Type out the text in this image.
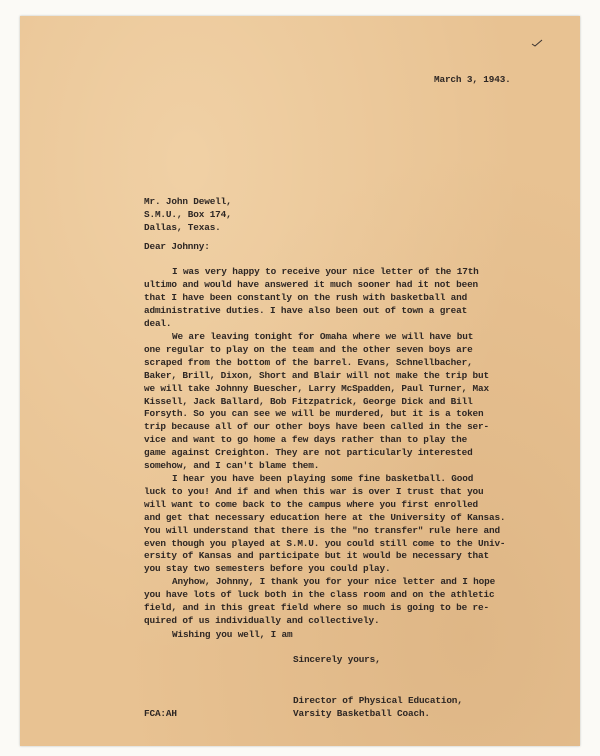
March 3, 1943.
Mr. John Dewell,
S.M.U., Box 174,
Dallas, Texas.
Dear Johnny:
I was very happy to receive your nice letter of the 17th
ultimo and would have answered it much sooner had it not been
that I have been constantly on the rush with basketball and
administrative duties. I have also been out of town a great
deal.
We are leaving tonight for Omaha where we will have but
one regular to play on the team and the other seven boys are
scraped from the bottom of the barrel. Evans, Schnellbacher,
Baker, Brill, Dixon, Short and Blair will not make the trip but
we will take Johnny Buescher, Larry McSpadden, Paul Turner, Max
Kissell, Jack Ballard, Bob Fitzpatrick, George Dick and Bill
Forsyth. So you can see we will be murdered, but it is a token
trip because all of our other boys have been called in the ser-
vice and want to go home a few days rather than to play the
game against Creighton. They are not particularly interested
somehow, and I can't blame them.
I hear you have been playing some fine basketball. Good
luck to you! And if and when this war is over I trust that you
will want to come back to the campus where you first enrolled
and get that necessary education here at the University of Kansas.
You will understand that there is the "no transfer" rule here and
even though you played at S.M.U. you could still come to the Univ-
ersity of Kansas and participate but it would be necessary that
you stay two semesters before you could play.
Anyhow, Johnny, I thank you for your nice letter and I hope
you have lots of luck both in the class room and on the athletic
field, and in this great field where so much is going to be re-
quired of us individually and collectively.
Wishing you well, I am
Sincerely yours,
Director of Physical Education,
Varsity Basketball Coach.
FCA:AH
